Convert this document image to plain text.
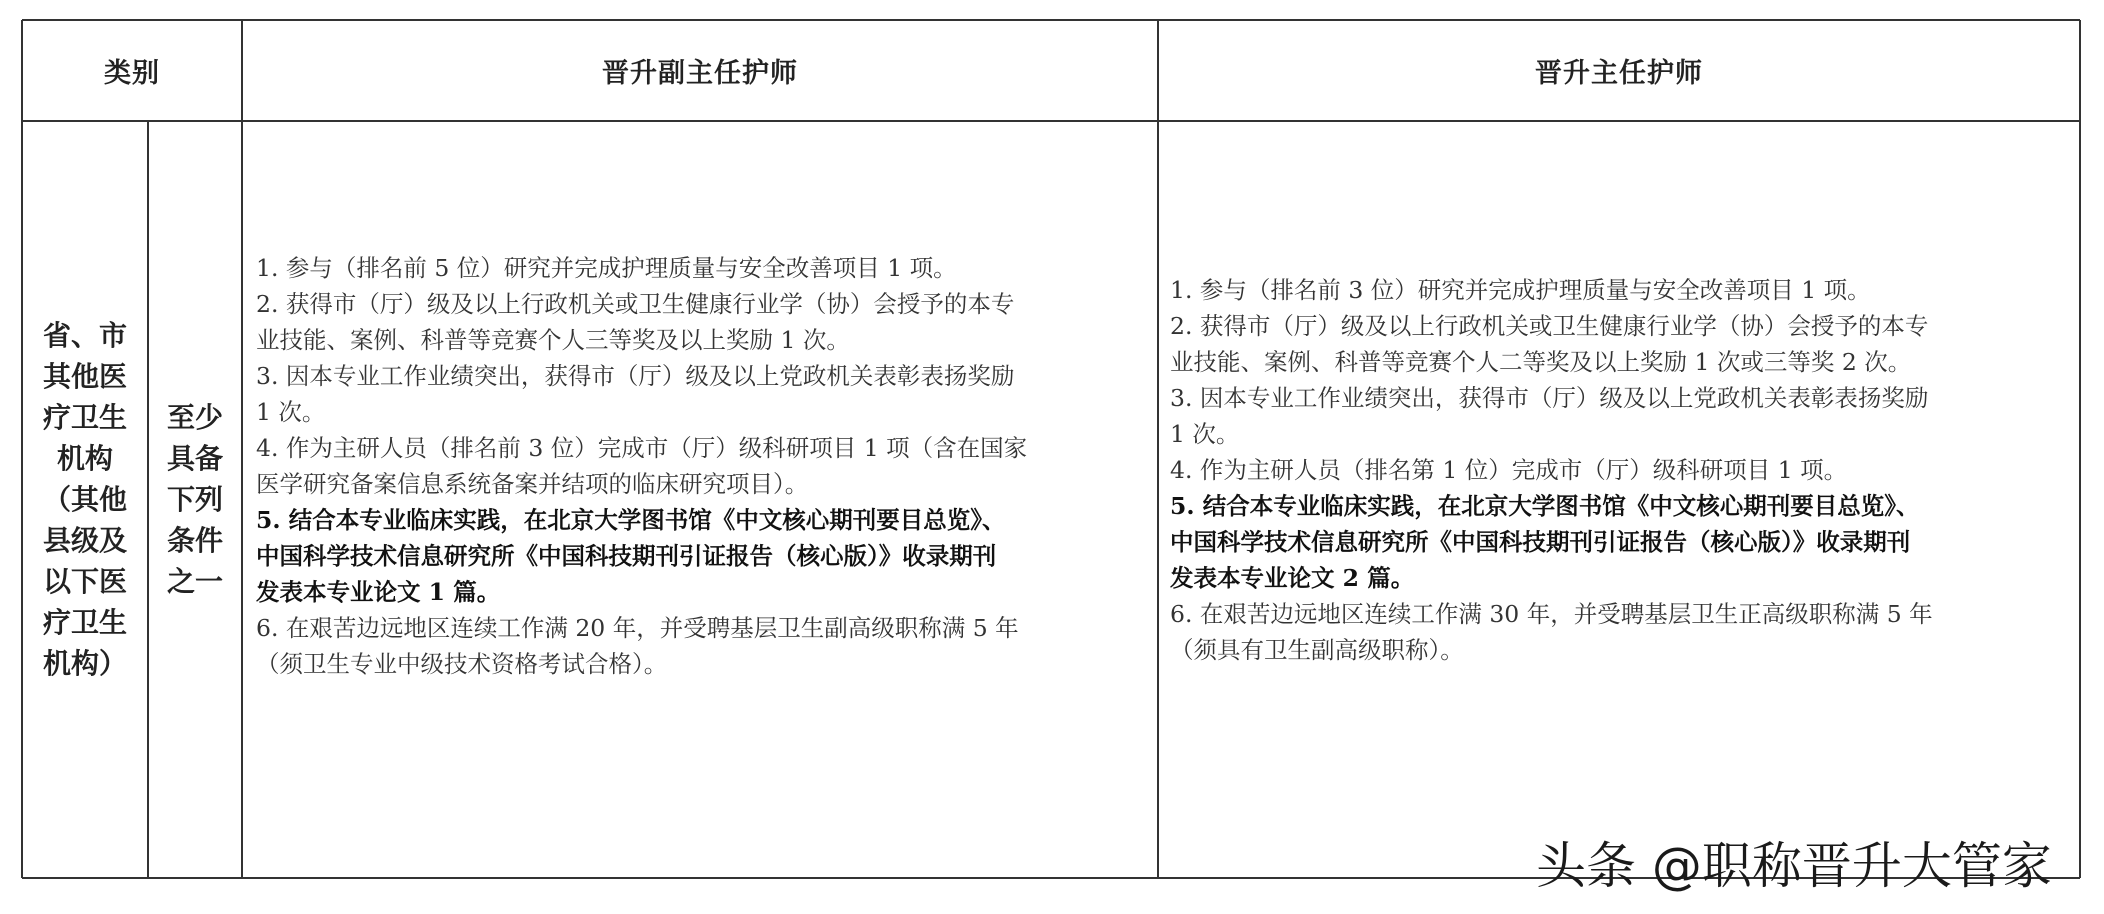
类别	晋升副主任护师	晋升主任护师
省、市
其他医
疗卫生
机构
（其他
县级及
以下医
疗卫生
机构）
至少
具备
下列
条件
之一
1. 参与（排名前 5 位）研究并完成护理质量与安全改善项目 1 项。
2. 获得市（厅）级及以上行政机关或卫生健康行业学（协）会授予的本专
业技能、案例、科普等竞赛个人三等奖及以上奖励 1 次。
3. 因本专业工作业绩突出，获得市（厅）级及以上党政机关表彰表扬奖励
1 次。
4. 作为主研人员（排名前 3 位）完成市（厅）级科研项目 1 项（含在国家
医学研究备案信息系统备案并结项的临床研究项目）。
5. 结合本专业临床实践，在北京大学图书馆《中文核心期刊要目总览》、
中国科学技术信息研究所《中国科技期刊引证报告（核心版）》收录期刊
发表本专业论文 1 篇。
6. 在艰苦边远地区连续工作满 20 年，并受聘基层卫生副高级职称满 5 年
（须卫生专业中级技术资格考试合格）。
1. 参与（排名前 3 位）研究并完成护理质量与安全改善项目 1 项。
2. 获得市（厅）级及以上行政机关或卫生健康行业学（协）会授予的本专
业技能、案例、科普等竞赛个人二等奖及以上奖励 1 次或三等奖 2 次。
3. 因本专业工作业绩突出，获得市（厅）级及以上党政机关表彰表扬奖励
1 次。
4. 作为主研人员（排名第 1 位）完成市（厅）级科研项目 1 项。
5. 结合本专业临床实践，在北京大学图书馆《中文核心期刊要目总览》、
中国科学技术信息研究所《中国科技期刊引证报告（核心版）》收录期刊
发表本专业论文 2 篇。
6. 在艰苦边远地区连续工作满 30 年，并受聘基层卫生正高级职称满 5 年
（须具有卫生副高级职称）。
头条 @职称晋升大管家
